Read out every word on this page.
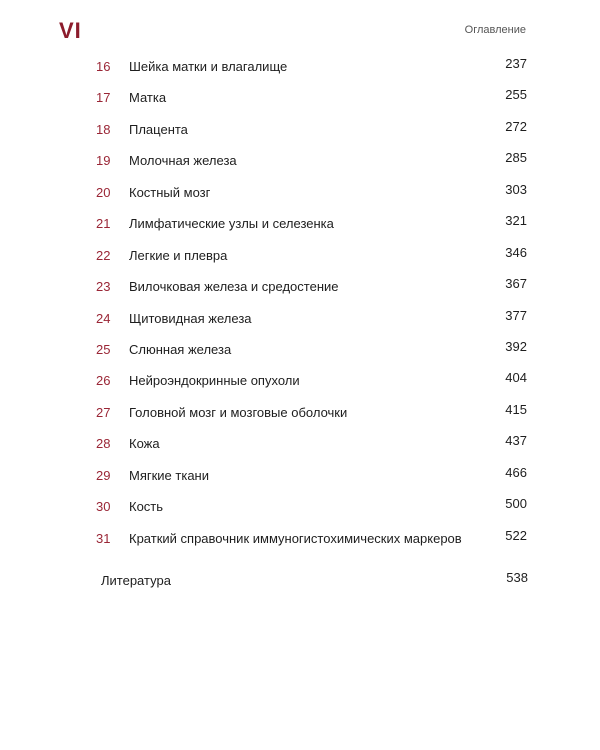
VI	Оглавление
16	Шейка матки и влагалище	237
17	Матка	255
18	Плацента	272
19	Молочная железа	285
20	Костный мозг	303
21	Лимфатические узлы и селезенка	321
22	Легкие и плевра	346
23	Вилочковая железа и средостение	367
24	Щитовидная железа	377
25	Слюнная железа	392
26	Нейроэндокринные опухоли	404
27	Головной мозг и мозговые оболочки	415
28	Кожа	437
29	Мягкие ткани	466
30	Кость	500
31	Краткий справочник иммуногистохимических маркеров	522
Литература	538
